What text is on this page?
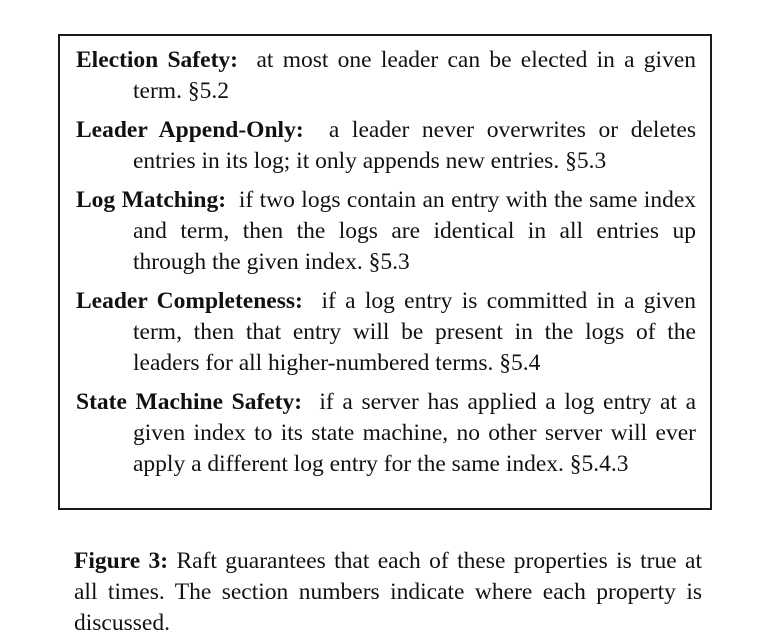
Election Safety: at most one leader can be elected in a given term. §5.2

Leader Append-Only: a leader never overwrites or deletes entries in its log; it only appends new entries. §5.3

Log Matching: if two logs contain an entry with the same index and term, then the logs are identical in all entries up through the given index. §5.3

Leader Completeness: if a log entry is committed in a given term, then that entry will be present in the logs of the leaders for all higher-numbered terms. §5.4

State Machine Safety: if a server has applied a log entry at a given index to its state machine, no other server will ever apply a different log entry for the same index. §5.4.3

Figure 3: Raft guarantees that each of these properties is true at all times. The section numbers indicate where each property is discussed.
